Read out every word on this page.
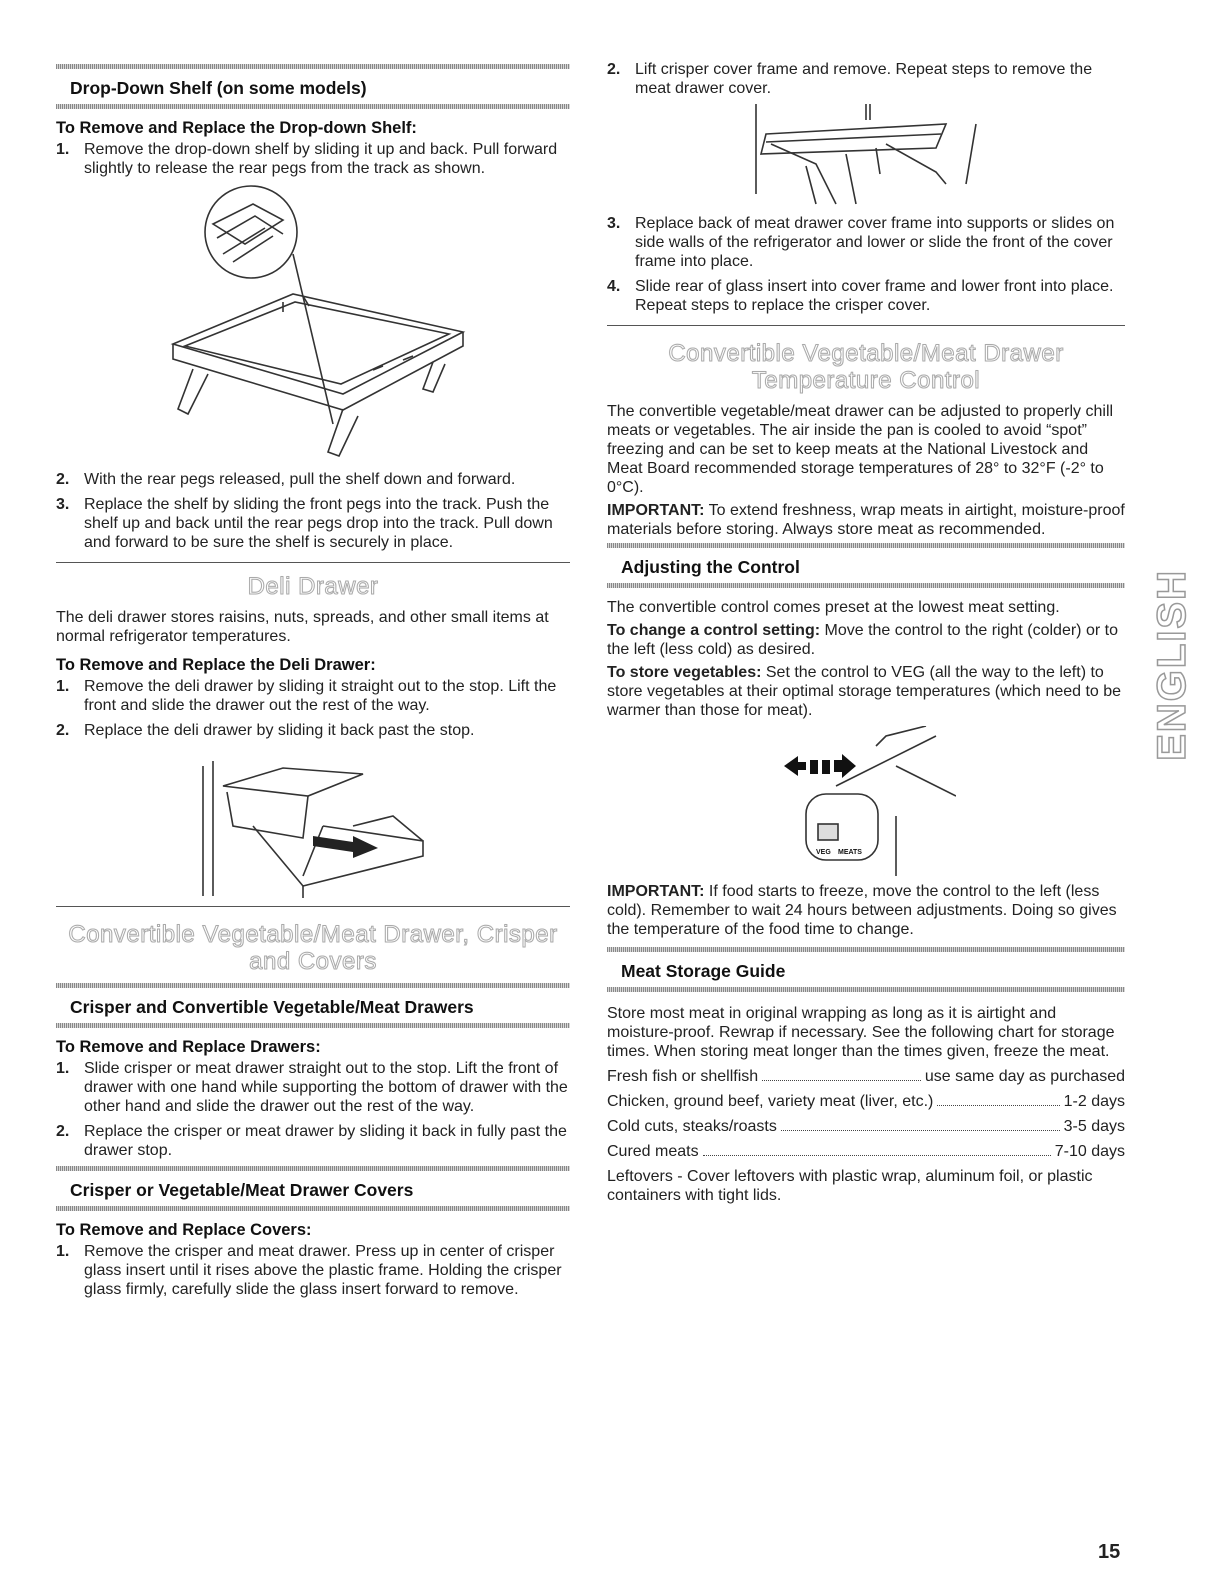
Drop-Down Shelf (on some models)
To Remove and Replace the Drop-down Shelf:
1. Remove the drop-down shelf by sliding it up and back. Pull forward slightly to release the rear pegs from the track as shown.
2. With the rear pegs released, pull the shelf down and forward.
3. Replace the shelf by sliding the front pegs into the track. Push the shelf up and back until the rear pegs drop into the track. Pull down and forward to be sure the shelf is securely in place.
Deli Drawer

The deli drawer stores raisins, nuts, spreads, and other small items at normal refrigerator temperatures.

To Remove and Replace the Deli Drawer:
1. Remove the deli drawer by sliding it straight out to the stop. Lift the front and slide the drawer out the rest of the way.
2. Replace the deli drawer by sliding it back past the stop.
Convertible Vegetable/Meat Drawer, Crisper and Covers
Crisper and Convertible Vegetable/Meat Drawers
To Remove and Replace Drawers:
1. Slide crisper or meat drawer straight out to the stop. Lift the front of drawer with one hand while supporting the bottom of drawer with the other hand and slide the drawer out the rest of the way.
2. Replace the crisper or meat drawer by sliding it back in fully past the drawer stop.
Crisper or Vegetable/Meat Drawer Covers
To Remove and Replace Covers:
1. Remove the crisper and meat drawer. Press up in center of crisper glass insert until it rises above the plastic frame. Holding the crisper glass firmly, carefully slide the glass insert forward to remove.
2. Lift crisper cover frame and remove. Repeat steps to remove the meat drawer cover.
3. Replace back of meat drawer cover frame into supports or slides on side walls of the refrigerator and lower or slide the front of the cover frame into place.
4. Slide rear of glass insert into cover frame and lower front into place. Repeat steps to replace the crisper cover.
Convertible Vegetable/Meat Drawer Temperature Control

The convertible vegetable/meat drawer can be adjusted to properly chill meats or vegetables. The air inside the pan is cooled to avoid “spot” freezing and can be set to keep meats at the National Livestock and Meat Board recommended storage temperatures of 28° to 32°F (-2° to 0°C).

IMPORTANT: To extend freshness, wrap meats in airtight, moisture-proof materials before storing. Always store meat as recommended.

Adjusting the Control

The convertible control comes preset at the lowest meat setting.

To change a control setting: Move the control to the right (colder) or to the left (less cold) as desired.

To store vegetables: Set the control to VEG (all the way to the left) to store vegetables at their optimal storage temperatures (which need to be warmer than those for meat).

VEG MEATS

IMPORTANT: If food starts to freeze, move the control to the left (less cold). Remember to wait 24 hours between adjustments. Doing so gives the temperature of the food time to change.

Meat Storage Guide

Store most meat in original wrapping as long as it is airtight and moisture-proof. Rewrap if necessary. See the following chart for storage times. When storing meat longer than the times given, freeze the meat.

Fresh fish or shellfish	use same day as purchased
Chicken, ground beef, variety meat (liver, etc.)	1-2 days
Cold cuts, steaks/roasts	3-5 days
Cured meats	7-10 days

Leftovers - Cover leftovers with plastic wrap, aluminum foil, or plastic containers with tight lids.

ENGLISH
15
